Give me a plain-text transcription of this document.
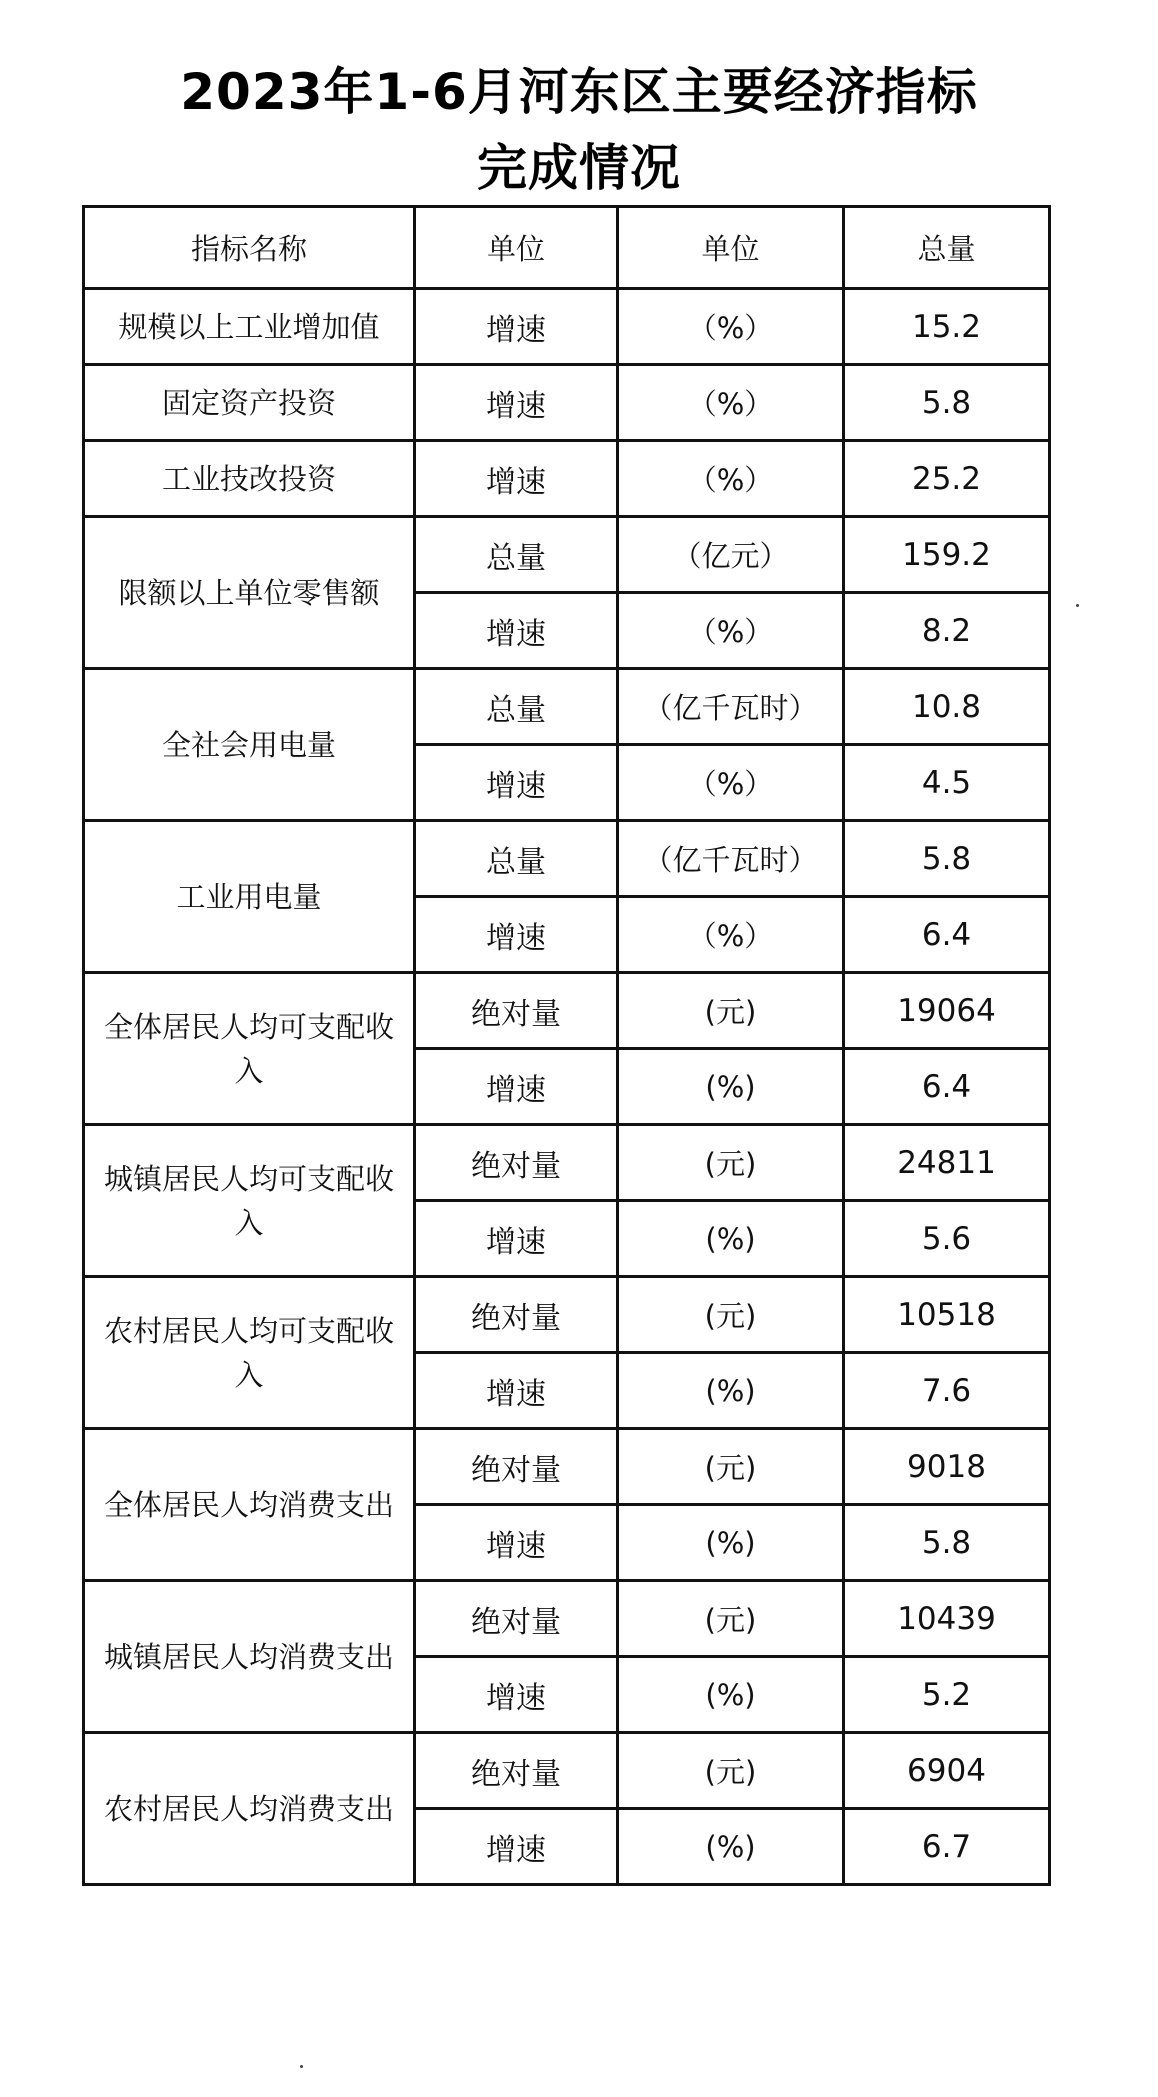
2023年1-6月河东区主要经济指标
完成情况
指标名称	单位	单位	总量
规模以上工业增加值	增速	（%）	15.2
固定资产投资	增速	（%）	5.8
工业技改投资	增速	（%）	25.2
限额以上单位零售额	总量	（亿元）	159.2
	增速	（%）	8.2
全社会用电量	总量	（亿千瓦时）	10.8
	增速	（%）	4.5
工业用电量	总量	（亿千瓦时）	5.8
	增速	（%）	6.4
全体居民人均可支配收入	绝对量	(元)	19064
	增速	(%)	6.4
城镇居民人均可支配收入	绝对量	(元)	24811
	增速	(%)	5.6
农村居民人均可支配收入	绝对量	(元)	10518
	增速	(%)	7.6
全体居民人均消费支出	绝对量	(元)	9018
	增速	(%)	5.8
城镇居民人均消费支出	绝对量	(元)	10439
	增速	(%)	5.2
农村居民人均消费支出	绝对量	(元)	6904
	增速	(%)	6.7
